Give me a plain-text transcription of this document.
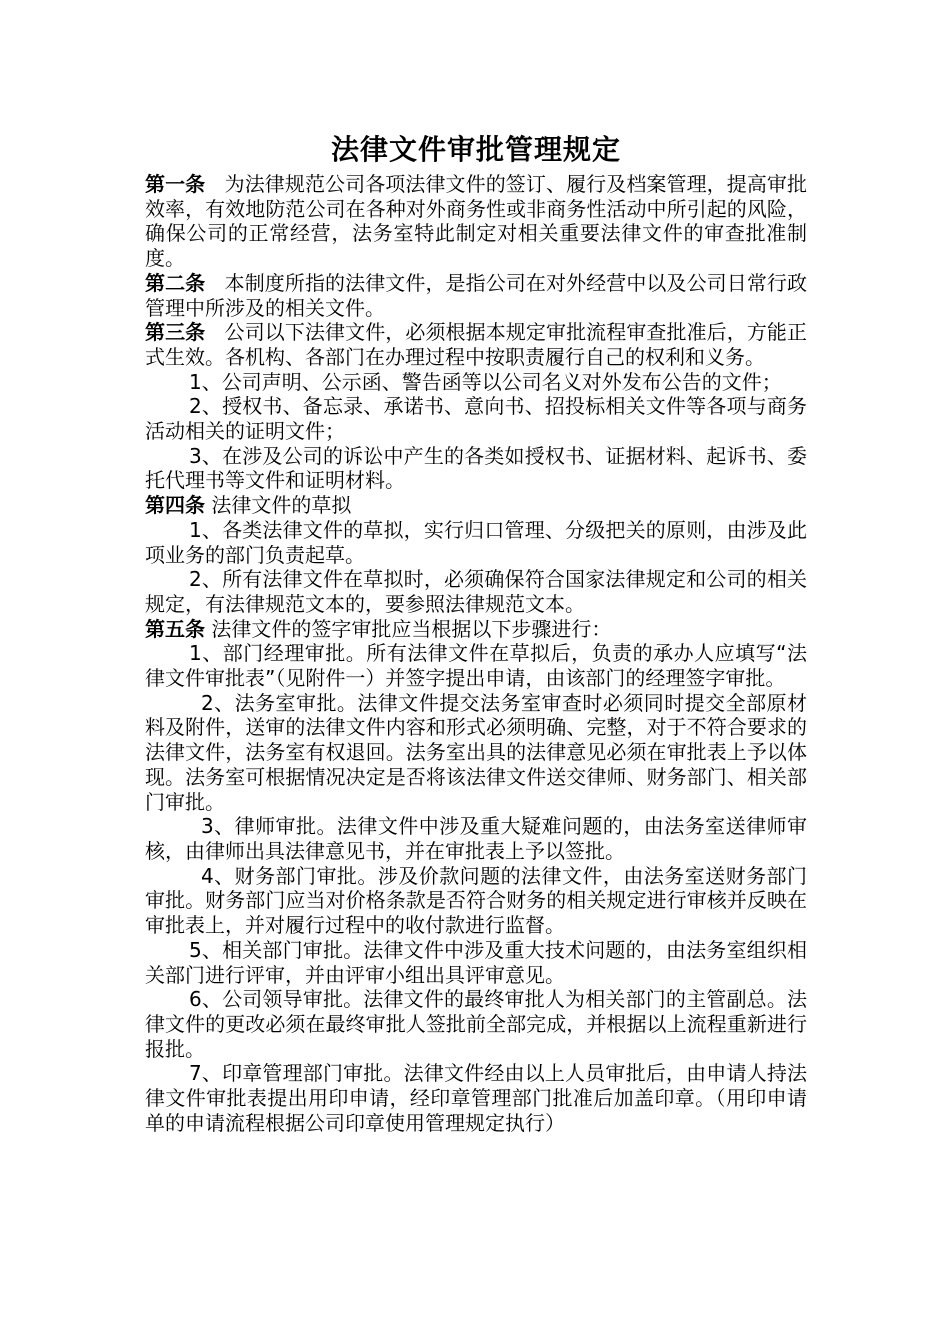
法律文件审批管理规定

第一条 为法律规范公司各项法律文件的签订、履行及档案管理，提高审批效率，有效地防范公司在各种对外商务性或非商务性活动中所引起的风险，确保公司的正常经营，法务室特此制定对相关重要法律文件的审查批准制度。

第二条 本制度所指的法律文件，是指公司在对外经营中以及公司日常行政管理中所涉及的相关文件。

第三条 公司以下法律文件，必须根据本规定审批流程审查批准后，方能正式生效。各机构、各部门在办理过程中按职责履行自己的权利和义务。

1、公司声明、公示函、警告函等以公司名义对外发布公告的文件；

2、授权书、备忘录、承诺书、意向书、招投标相关文件等各项与商务活动相关的证明文件；

3、在涉及公司的诉讼中产生的各类如授权书、证据材料、起诉书、委托代理书等文件和证明材料。

第四条 法律文件的草拟

1、各类法律文件的草拟，实行归口管理、分级把关的原则，由涉及此项业务的部门负责起草。

2、所有法律文件在草拟时，必须确保符合国家法律规定和公司的相关规定，有法律规范文本的，要参照法律规范文本。

第五条 法律文件的签字审批应当根据以下步骤进行：

1、部门经理审批。所有法律文件在草拟后，负责的承办人应填写“法律文件审批表”（见附件一）并签字提出申请，由该部门的经理签字审批。

2、法务室审批。法律文件提交法务室审查时必须同时提交全部原材料及附件，送审的法律文件内容和形式必须明确、完整，对于不符合要求的法律文件，法务室有权退回。法务室出具的法律意见必须在审批表上予以体现。法务室可根据情况决定是否将该法律文件送交律师、财务部门、相关部门审批。

3、律师审批。法律文件中涉及重大疑难问题的，由法务室送律师审核，由律师出具法律意见书，并在审批表上予以签批。

4、财务部门审批。涉及价款问题的法律文件，由法务室送财务部门审批。财务部门应当对价格条款是否符合财务的相关规定进行审核并反映在审批表上，并对履行过程中的收付款进行监督。

5、相关部门审批。法律文件中涉及重大技术问题的，由法务室组织相关部门进行评审，并由评审小组出具评审意见。

6、公司领导审批。法律文件的最终审批人为相关部门的主管副总。法律文件的更改必须在最终审批人签批前全部完成，并根据以上流程重新进行报批。

7、印章管理部门审批。法律文件经由以上人员审批后，由申请人持法律文件审批表提出用印申请，经印章管理部门批准后加盖印章。（用印申请单的申请流程根据公司印章使用管理规定执行）
